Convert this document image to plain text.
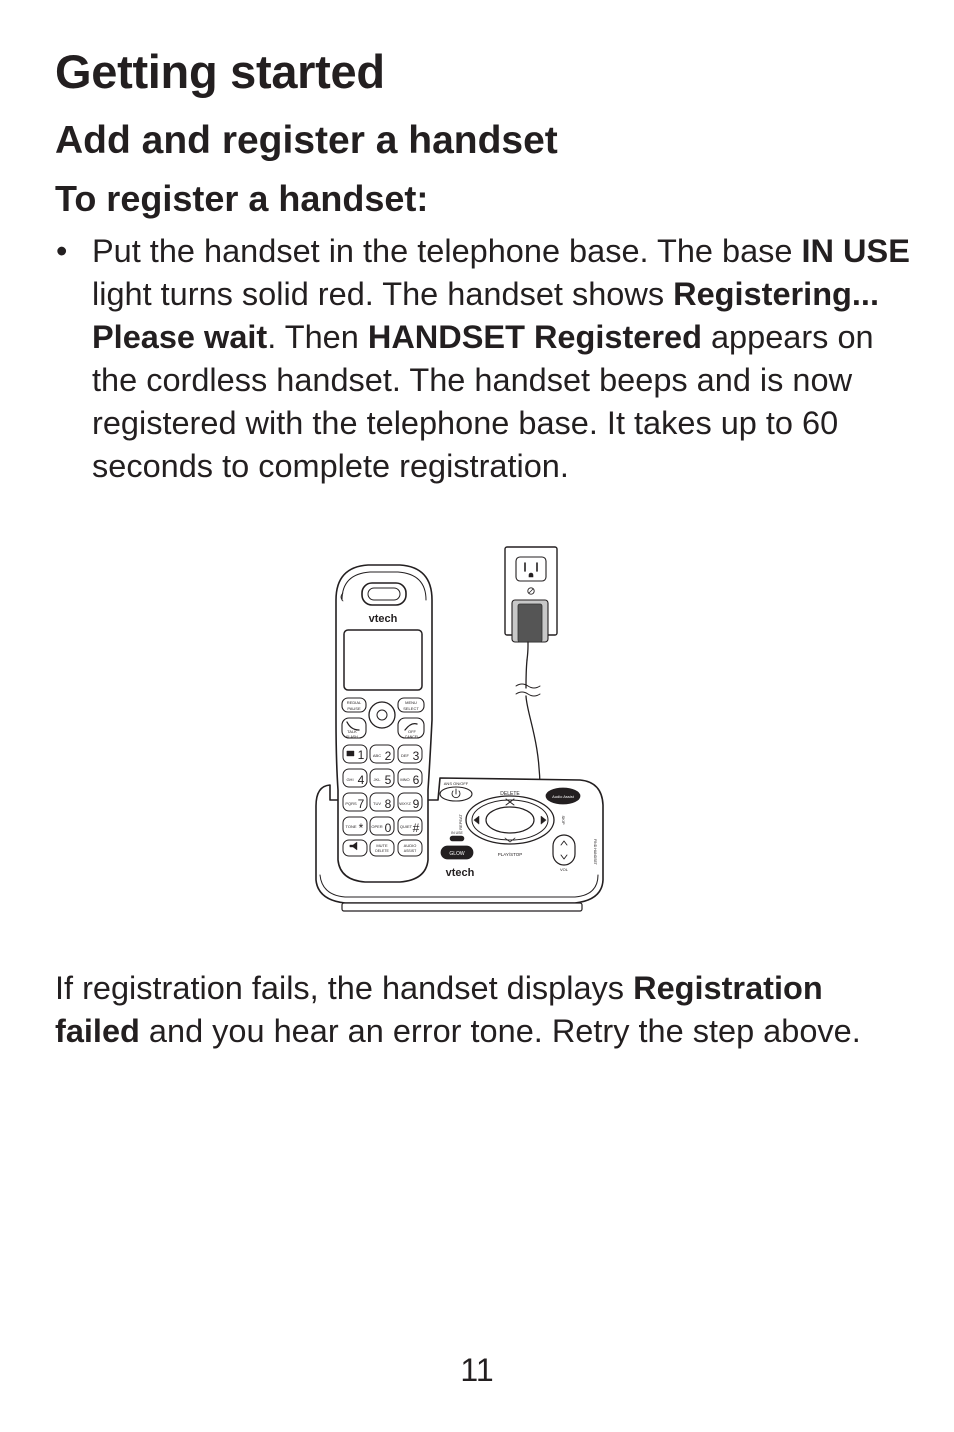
Getting started
Add and register a handset
To register a handset:
• Put the handset in the telephone base. The base IN USE light turns solid red. The handset shows Registering... Please wait. Then HANDSET Registered appears on the cordless handset. The handset beeps and is now registered with the telephone base. It takes up to 60 seconds to complete registration.
vtech
vtech
REDIAL
PAUSE
MENU
SELECT
TALK
FLASH
OFF
CANCEL
1 ABC 2 DEF 3
GHI 4 JKL 5 MNO 6
PQRS 7 TUV 8 WXYZ 9
TONE * OPER 0 QUIET #
MUTE
DELETE
AUDIO
ASSIST
ANS ON/OFF
DELETE	Audio Assist
REPEAT	SKIP
IN USE
GLOW	PLAY/STOP
VOL
FIND HANDSET
If registration fails, the handset displays Registration failed and you hear an error tone. Retry the step above.
11
